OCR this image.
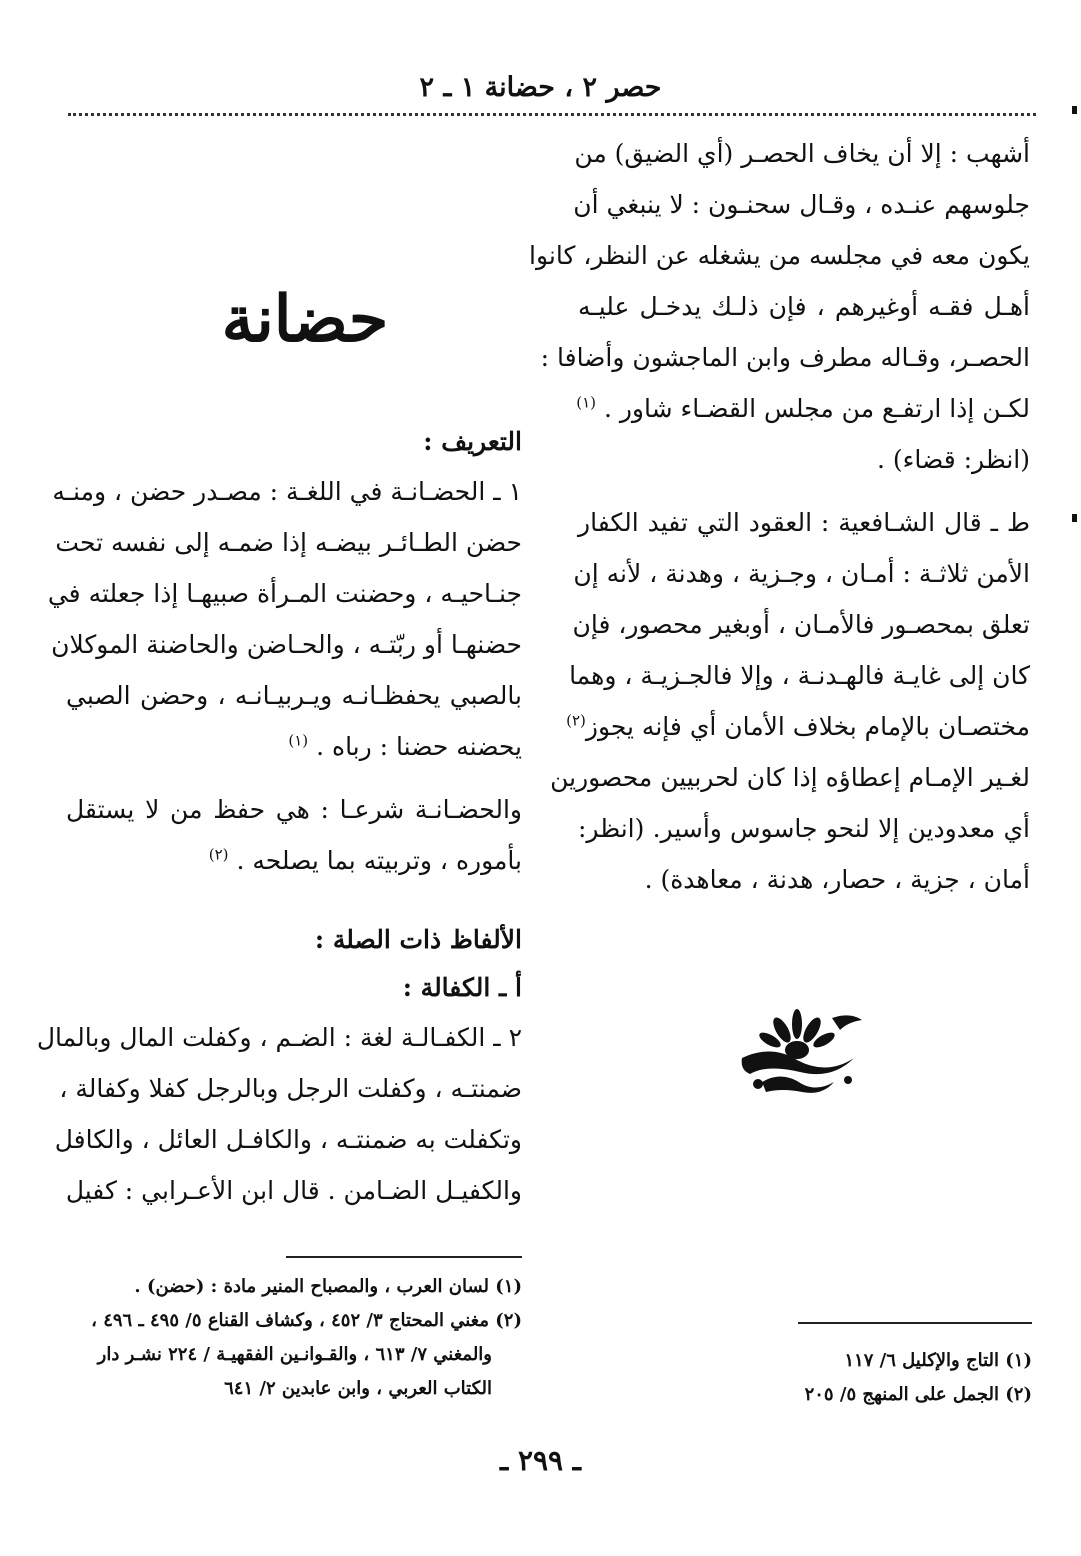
حصر ٢ ، حضانة ١ ـ ٢
أشهب : إلا أن يخاف الحصـر (أي الضيق) من
جلوسهم عنـده ، وقـال سحنـون : لا ينبغي أن
يكون معه في مجلسه من يشغله عن النظر، كانوا
أهـل فقـه أوغيرهم ، فإن ذلـك يدخـل عليـه
الحصـر، وقـاله مطرف وابن الماجشون وأضافا :
لكـن إذا ارتفـع من مجلس القضـاء شاور . $^{(١)}$
(انظر: قضاء) .
ط ـ قال الشـافعية : العقود التي تفيد الكفار
الأمن ثلاثـة : أمـان ، وجـزية ، وهدنة ، لأنه إن
تعلق بمحصـور فالأمـان ، أوبغير محصور، فإن
كان إلى غايـة فالهـدنـة ، وإلا فالجـزيـة ، وهما
مختصـان بالإمام بخلاف الأمان أي فإنه يجوز$^{(٢)}$
لغـير الإمـام إعطاؤه إذا كان لحربيين محصورين
أي معدودين إلا لنحو جاسوس وأسير. (انظر:
أمان ، جزية ، حصار، هدنة ، معاهدة) .
حضانة
التعريف :
١ ـ الحضـانـة في اللغـة : مصـدر حضن ، ومنـه
حضن الطـائـر بيضـه إذا ضمـه إلى نفسه تحت
جنـاحيـه ، وحضنت المـرأة صبيهـا إذا جعلته في
حضنهـا أو ربّتـه ، والحـاضن والحاضنة الموكلان
بالصبي يحفظـانـه ويـربيـانـه ، وحضن الصبي
يحضنه حضنا : رباه . $^{(١)}$
والحضـانـة شرعـا : هي حفظ من لا يستقل
بأموره ، وتربيته بما يصلحه . $^{(٢)}$
الألفاظ ذات الصلة :
أ ـ الكفالة :
٢ ـ الكفـالـة لغة : الضـم ، وكفلت المال وبالمال
ضمنتـه ، وكفلت الرجل وبالرجل كفلا وكفالة ،
وتكفلت به ضمنتـه ، والكافـل العائل ، والكافل
والكفيـل الضـامن . قال ابن الأعـرابي : كفيل
(١) لسان العرب ، والمصباح المنير مادة : (حضن) .
(٢) مغني المحتاج ٣/ ٤٥٢ ، وكشاف القناع ٥/ ٤٩٥ ـ ٤٩٦ ،
والمغني ٧/ ٦١٣ ، والقـوانـين الفقهيـة / ٢٢٤ نشـر دار
الكتاب العربي ، وابن عابدين ٢/ ٦٤١
(١) التاج والإكليل ٦/ ١١٧
(٢) الجمل على المنهج ٥/ ٢٠٥
ـ ٢٩٩ ـ
